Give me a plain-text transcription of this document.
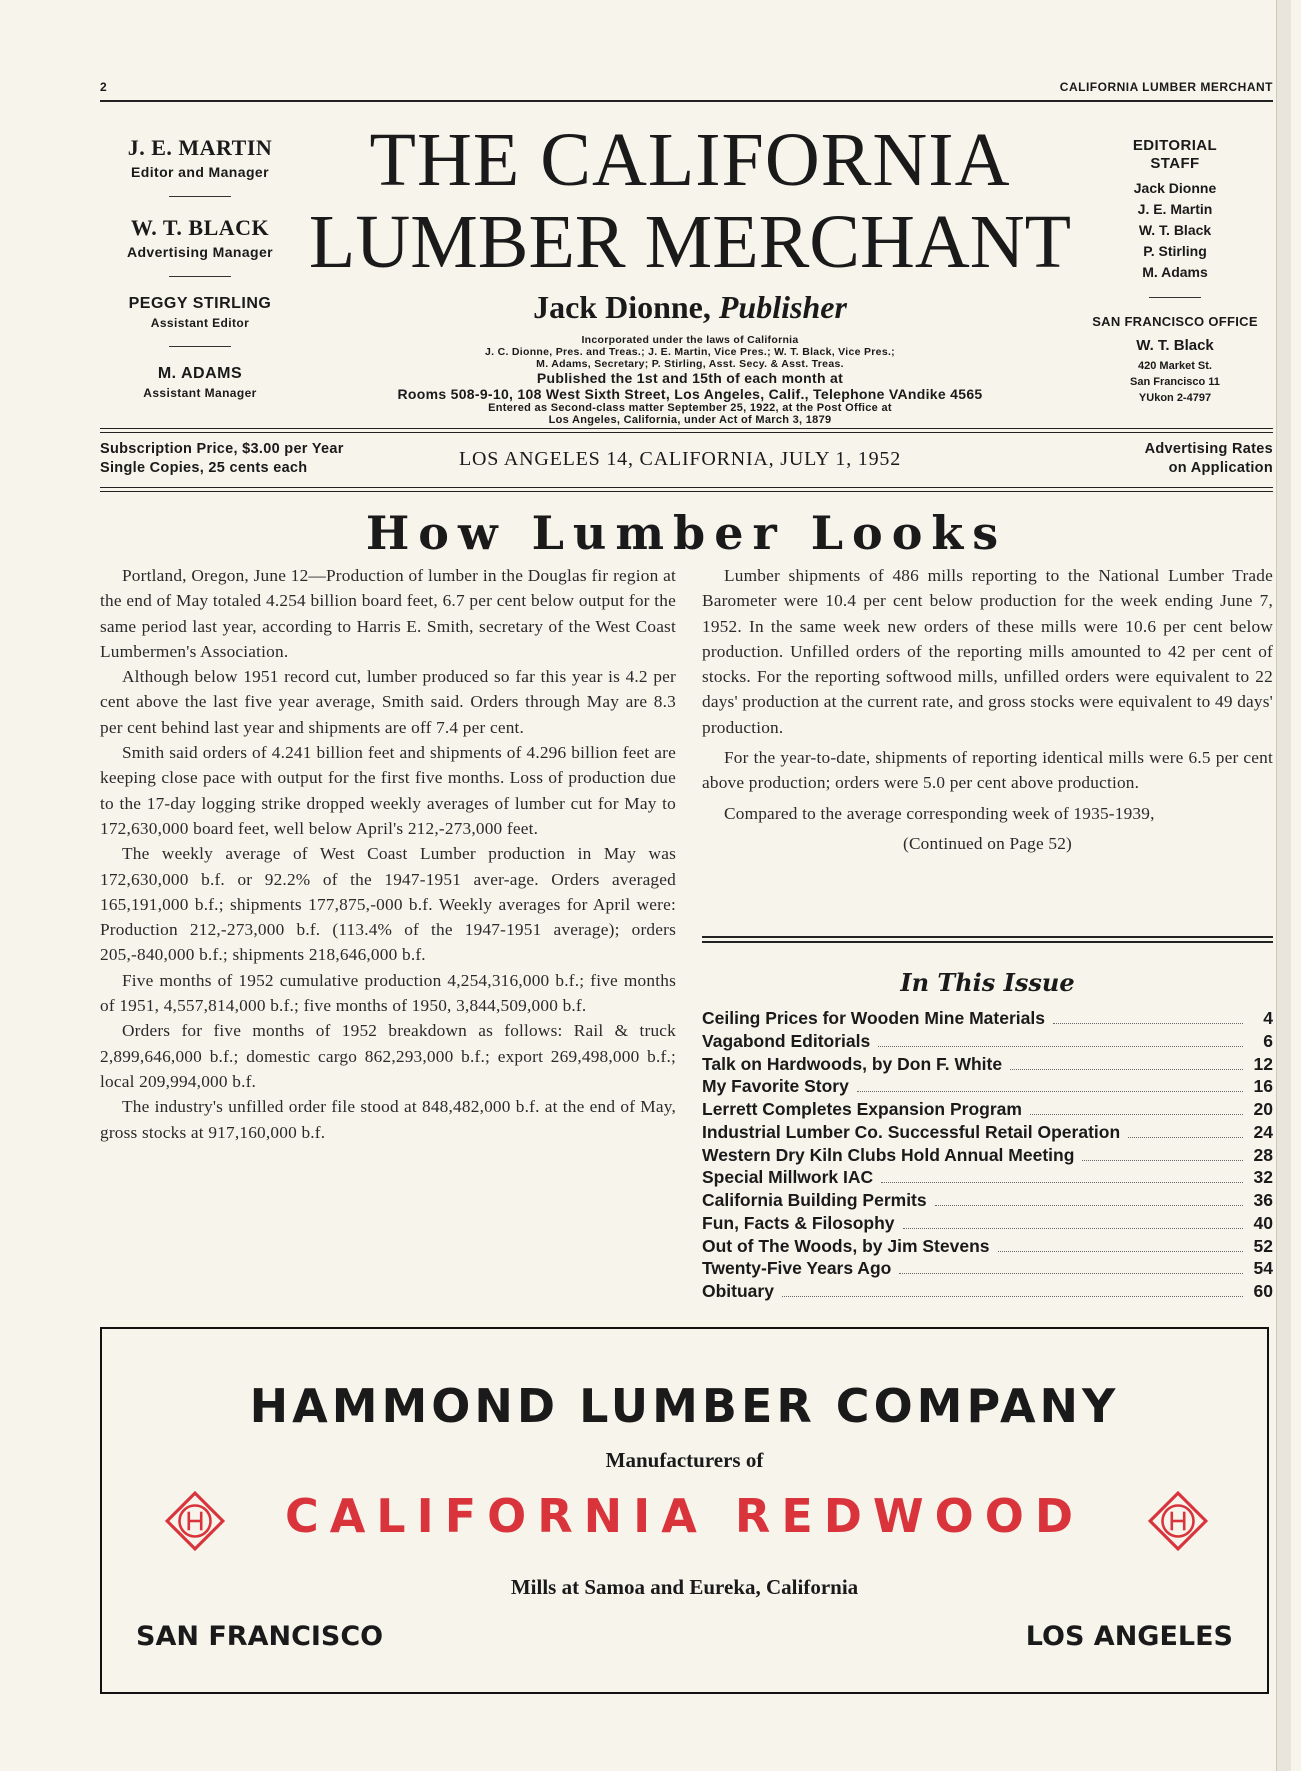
2	CALIFORNIA LUMBER MERCHANT
J. E. MARTIN
Editor and Manager
W. T. BLACK
Advertising Manager
PEGGY STIRLING
Assistant Editor
M. ADAMS
Assistant Manager
THE CALIFORNIA
LUMBER MERCHANT
Jack Dionne, Publisher
Incorporated under the laws of California
J. C. Dionne, Pres. and Treas.; J. E. Martin, Vice Pres.; W. T. Black, Vice Pres.;
M. Adams, Secretary; P. Stirling, Asst. Secy. & Asst. Treas.
Published the 1st and 15th of each month at
Rooms 508-9-10, 108 West Sixth Street, Los Angeles, Calif., Telephone VAndike 4565
Entered as Second-class matter September 25, 1922, at the Post Office at
Los Angeles, California, under Act of March 3, 1879
EDITORIAL
STAFF
Jack Dionne
J. E. Martin
W. T. Black
P. Stirling
M. Adams
SAN FRANCISCO OFFICE
W. T. Black
420 Market St.
San Francisco 11
YUkon 2-4797
Subscription Price, $3.00 per Year
Single Copies, 25 cents each	LOS ANGELES 14, CALIFORNIA, JULY 1, 1952	Advertising Rates
on Application
How Lumber Looks

Portland, Oregon, June 12—Production of lumber in the Douglas fir region at the end of May totaled 4.254 billion board feet, 6.7 per cent below output for the same period last year, according to Harris E. Smith, secretary of the West Coast Lumbermen's Association.

Although below 1951 record cut, lumber produced so far this year is 4.2 per cent above the last five year average, Smith said. Orders through May are 8.3 per cent behind last year and shipments are off 7.4 per cent.

Smith said orders of 4.241 billion feet and shipments of 4.296 billion feet are keeping close pace with output for the first five months. Loss of production due to the 17-day logging strike dropped weekly averages of lumber cut for May to 172,630,000 board feet, well below April's 212,-273,000 feet.

The weekly average of West Coast Lumber production in May was 172,630,000 b.f. or 92.2% of the 1947-1951 aver-age. Orders averaged 165,191,000 b.f.; shipments 177,875,-000 b.f. Weekly averages for April were: Production 212,-273,000 b.f. (113.4% of the 1947-1951 average); orders 205,-840,000 b.f.; shipments 218,646,000 b.f.

Five months of 1952 cumulative production 4,254,316,000 b.f.; five months of 1951, 4,557,814,000 b.f.; five months of 1950, 3,844,509,000 b.f.

Orders for five months of 1952 breakdown as follows: Rail & truck 2,899,646,000 b.f.; domestic cargo 862,293,000 b.f.; export 269,498,000 b.f.; local 209,994,000 b.f.

The industry's unfilled order file stood at 848,482,000 b.f. at the end of May, gross stocks at 917,160,000 b.f.

Lumber shipments of 486 mills reporting to the National Lumber Trade Barometer were 10.4 per cent below production for the week ending June 7, 1952. In the same week new orders of these mills were 10.6 per cent below production. Unfilled orders of the reporting mills amounted to 42 per cent of stocks. For the reporting softwood mills, unfilled orders were equivalent to 22 days' production at the current rate, and gross stocks were equivalent to 49 days' production.

For the year-to-date, shipments of reporting identical mills were 6.5 per cent above production; orders were 5.0 per cent above production.

Compared to the average corresponding week of 1935-1939,

(Continued on Page 52)

In This Issue
Ceiling Prices for Wooden Mine Materials	4
Vagabond Editorials	6
Talk on Hardwoods, by Don F. White	12
My Favorite Story	16
Lerrett Completes Expansion Program	20
Industrial Lumber Co. Successful Retail Operation	24
Western Dry Kiln Clubs Hold Annual Meeting	28
Special Millwork IAC	32
California Building Permits	36
Fun, Facts & Filosophy	40
Out of The Woods, by Jim Stevens	52
Twenty-Five Years Ago	54
Obituary	60
HAMMOND LUMBER COMPANY
Manufacturers of
CALIFORNIA REDWOOD
Mills at Samoa and Eureka, California
SAN FRANCISCO	LOS ANGELES
